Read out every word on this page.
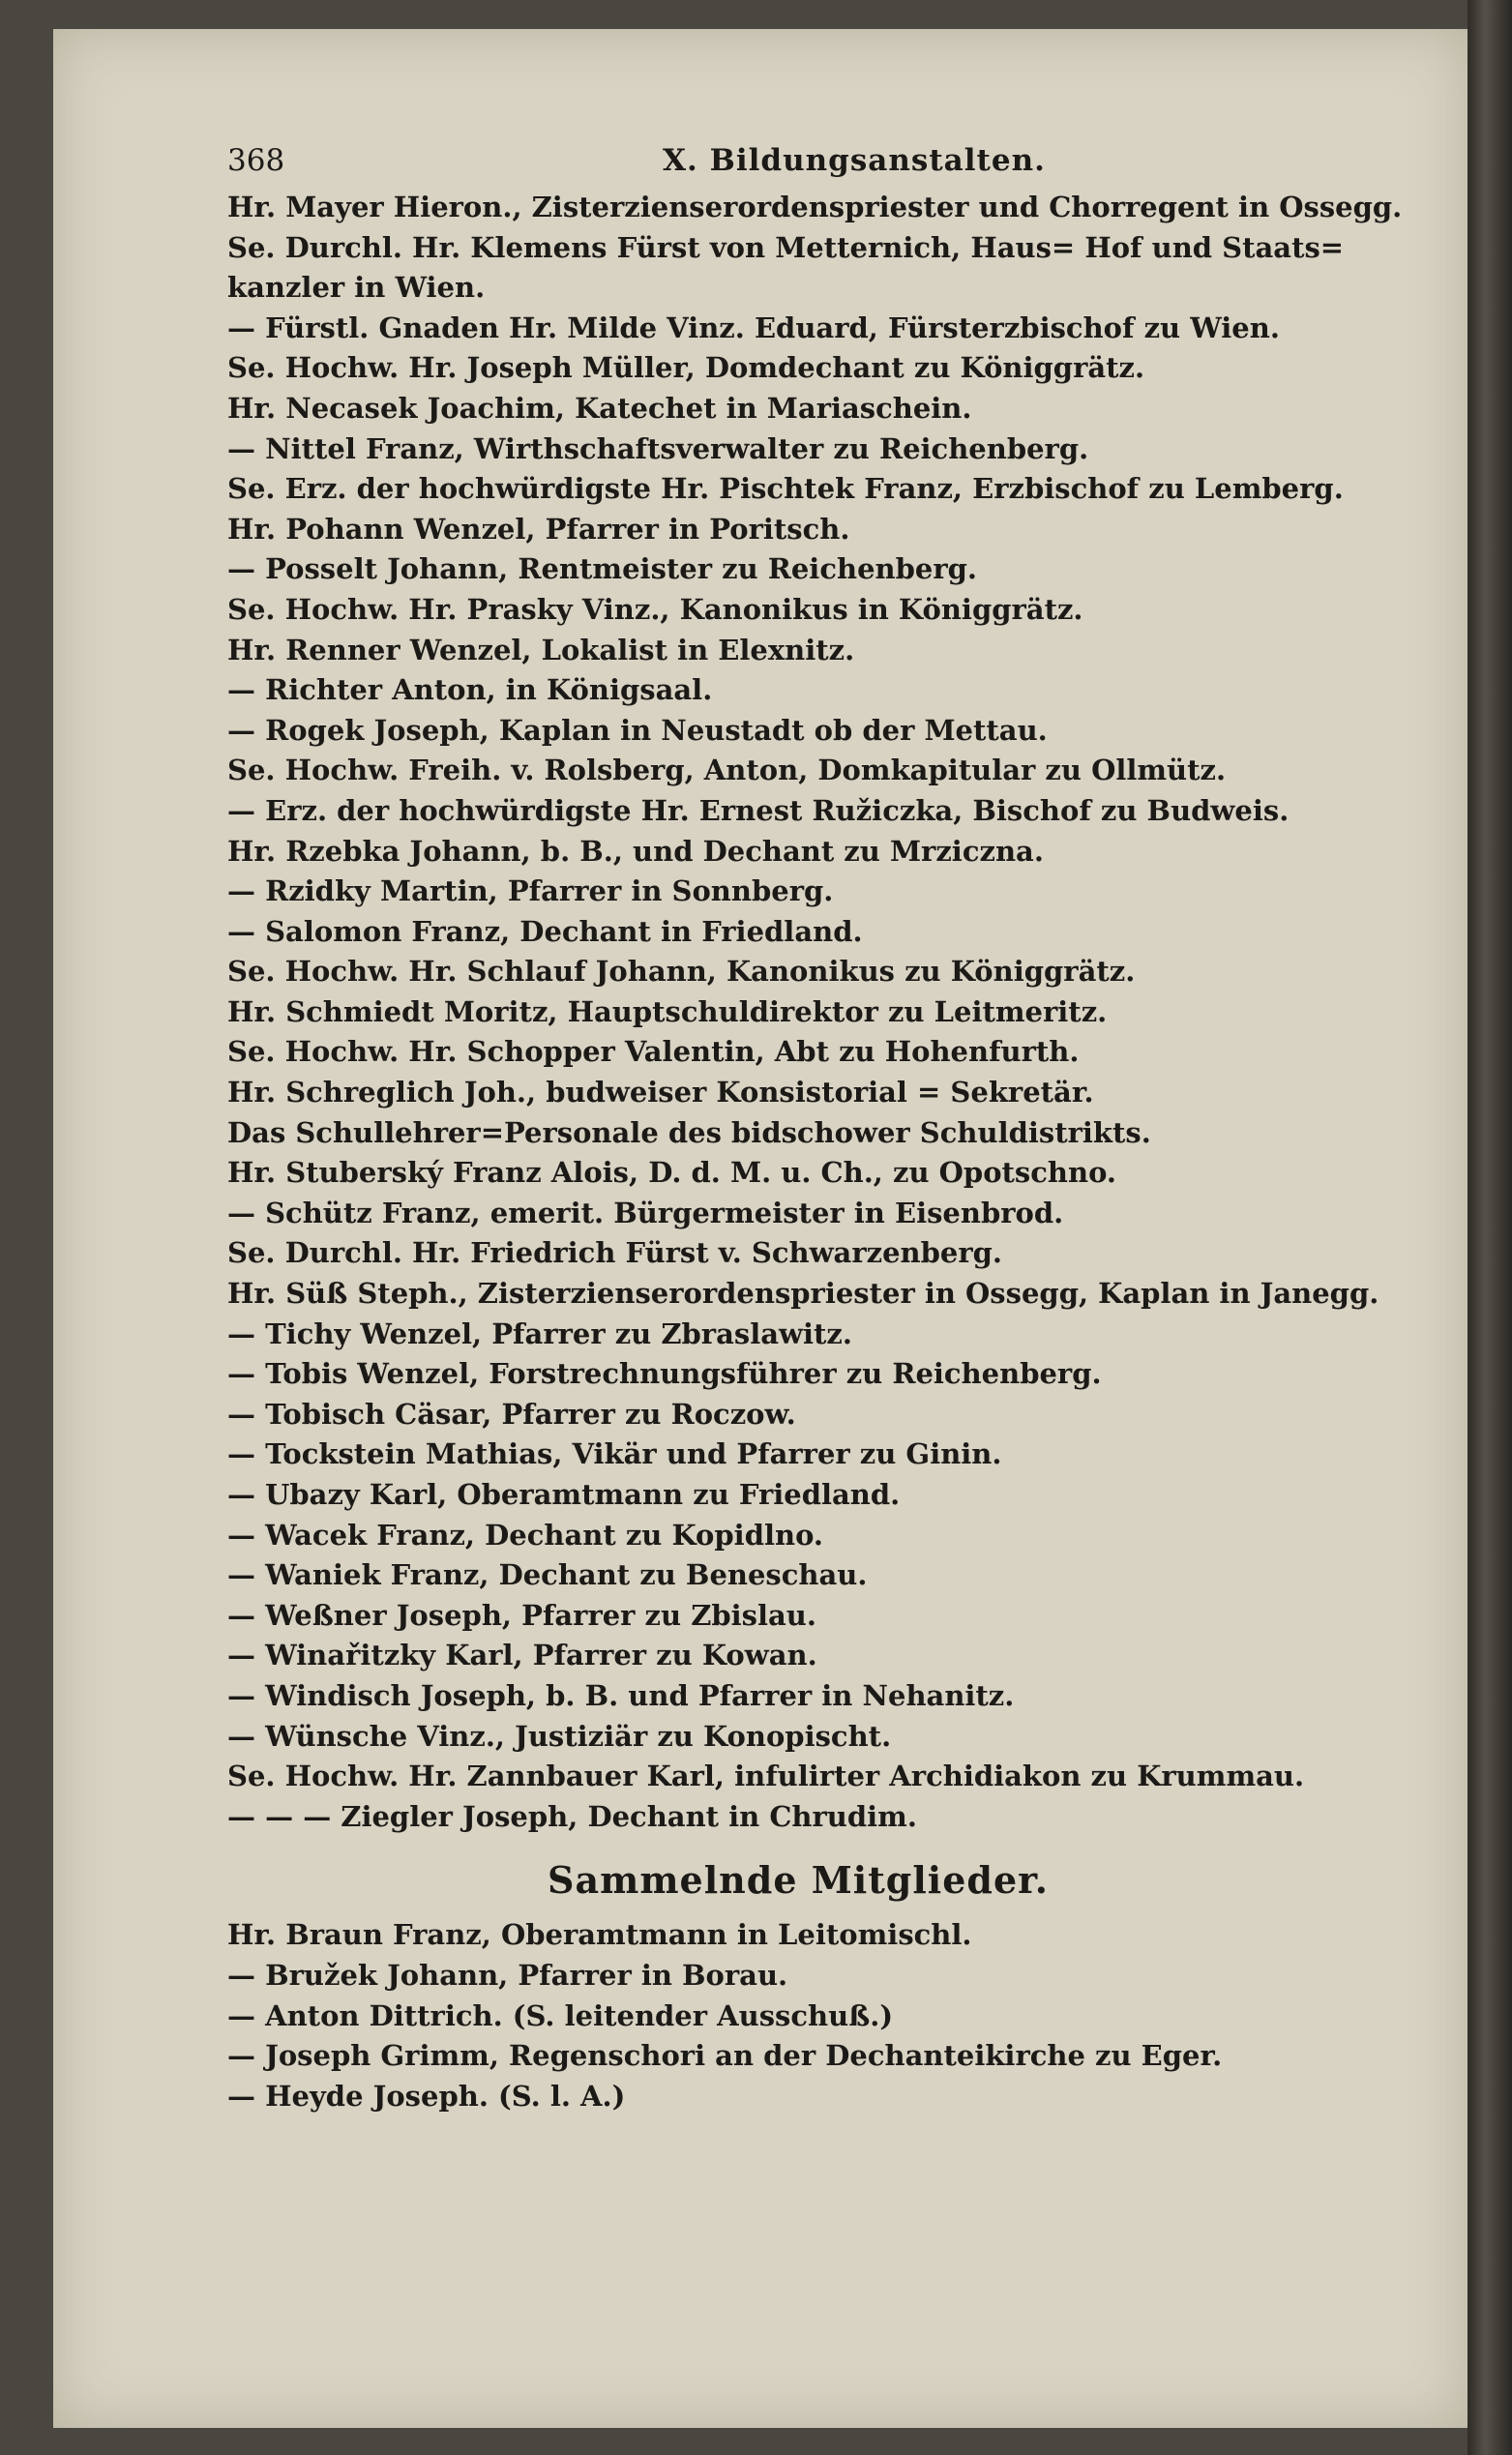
368	X. Bildungsanstalten.
Hr. Mayer Hieron., Zisterzienserordenspriester und Chorregent in Ossegg.
Se. Durchl. Hr. Klemens Fürst von Metternich, Haus= Hof und Staats=
kanzler in Wien.
— Fürstl. Gnaden Hr. Milde Vinz. Eduard, Fürsterzbischof zu Wien.
Se. Hochw. Hr. Joseph Müller, Domdechant zu Königgrätz.
Hr. Necasek Joachim, Katechet in Mariaschein.
— Nittel Franz, Wirthschaftsverwalter zu Reichenberg.
Se. Erz. der hochwürdigste Hr. Pischtek Franz, Erzbischof zu Lemberg.
Hr. Pohann Wenzel, Pfarrer in Poritsch.
— Posselt Johann, Rentmeister zu Reichenberg.
Se. Hochw. Hr. Prasky Vinz., Kanonikus in Königgrätz.
Hr. Renner Wenzel, Lokalist in Elexnitz.
— Richter Anton, in Königsaal.
— Rogek Joseph, Kaplan in Neustadt ob der Mettau.
Se. Hochw. Freih. v. Rolsberg, Anton, Domkapitular zu Ollmütz.
— Erz. der hochwürdigste Hr. Ernest Ružiczka, Bischof zu Budweis.
Hr. Rzebka Johann, b. B., und Dechant zu Mrziczna.
— Rzidky Martin, Pfarrer in Sonnberg.
— Salomon Franz, Dechant in Friedland.
Se. Hochw. Hr. Schlauf Johann, Kanonikus zu Königgrätz.
Hr. Schmiedt Moritz, Hauptschuldirektor zu Leitmeritz.
Se. Hochw. Hr. Schopper Valentin, Abt zu Hohenfurth.
Hr. Schreglich Joh., budweiser Konsistorial = Sekretär.
Das Schullehrer=Personale des bidschower Schuldistrikts.
Hr. Stuberský Franz Alois, D. d. M. u. Ch., zu Opotschno.
— Schütz Franz, emerit. Bürgermeister in Eisenbrod.
Se. Durchl. Hr. Friedrich Fürst v. Schwarzenberg.
Hr. Süß Steph., Zisterzienserordenspriester in Ossegg, Kaplan in Janegg.
— Tichy Wenzel, Pfarrer zu Zbraslawitz.
— Tobis Wenzel, Forstrechnungsführer zu Reichenberg.
— Tobisch Cäsar, Pfarrer zu Roczow.
— Tockstein Mathias, Vikär und Pfarrer zu Ginin.
— Ubazy Karl, Oberamtmann zu Friedland.
— Wacek Franz, Dechant zu Kopidlno.
— Waniek Franz, Dechant zu Beneschau.
— Weßner Joseph, Pfarrer zu Zbislau.
— Winařitzky Karl, Pfarrer zu Kowan.
— Windisch Joseph, b. B. und Pfarrer in Nehanitz.
— Wünsche Vinz., Justiziär zu Konopischt.
Se. Hochw. Hr. Zannbauer Karl, infulirter Archidiakon zu Krummau.
— — — Ziegler Joseph, Dechant in Chrudim.
Sammelnde Mitglieder.
Hr. Braun Franz, Oberamtmann in Leitomischl.
— Bružek Johann, Pfarrer in Borau.
— Anton Dittrich. (S. leitender Ausschuß.)
— Joseph Grimm, Regenschori an der Dechanteikirche zu Eger.
— Heyde Joseph. (S. l. A.)
